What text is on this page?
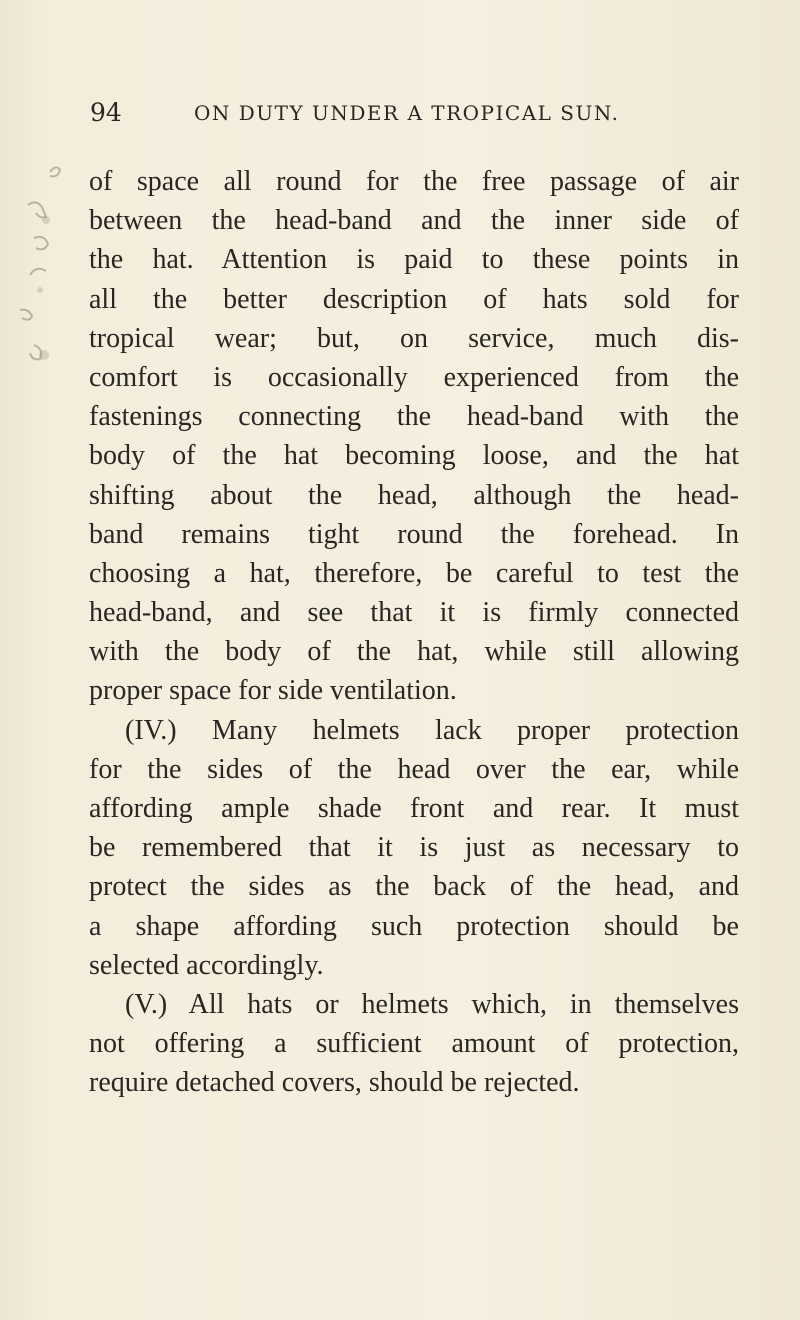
94	ON DUTY UNDER A TROPICAL SUN.
of space all round for the free passage of air
between the head-band and the inner side of
the hat. Attention is paid to these points in
all the better description of hats sold for
tropical wear; but, on service, much dis-
comfort is occasionally experienced from the
fastenings connecting the head-band with the
body of the hat becoming loose, and the hat
shifting about the head, although the head-
band remains tight round the forehead. In
choosing a hat, therefore, be careful to test the
head-band, and see that it is firmly connected
with the body of the hat, while still allowing
proper space for side ventilation.
(IV.) Many helmets lack proper protection
for the sides of the head over the ear, while
affording ample shade front and rear. It must
be remembered that it is just as necessary to
protect the sides as the back of the head, and
a shape affording such protection should be
selected accordingly.
(V.) All hats or helmets which, in themselves
not offering a sufficient amount of protection,
require detached covers, should be rejected.
